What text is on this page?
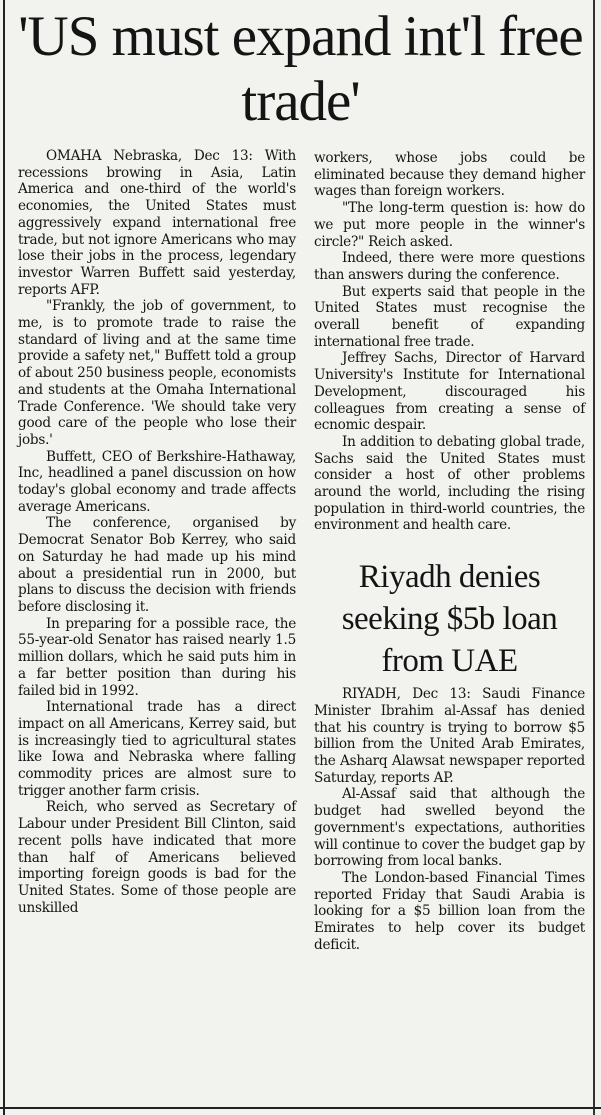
'US must expand int'l free trade'

OMAHA Nebraska, Dec 13: With recessions browing in Asia, Latin America and one-third of the world's economies, the United States must aggressively expand international free trade, but not ignore Americans who may lose their jobs in the process, legendary investor Warren Buffett said yesterday, reports AFP.

"Frankly, the job of government, to me, is to promote trade to raise the standard of living and at the same time provide a safety net," Buffett told a group of about 250 business people, economists and students at the Omaha International Trade Conference. 'We should take very good care of the people who lose their jobs.'

Buffett, CEO of Berkshire-Hathaway, Inc, headlined a panel discussion on how today's global economy and trade affects average Americans.

The conference, organised by Democrat Senator Bob Kerrey, who said on Saturday he had made up his mind about a presidential run in 2000, but plans to discuss the decision with friends before disclosing it.

In preparing for a possible race, the 55-year-old Senator has raised nearly 1.5 million dollars, which he said puts him in a far better position than during his failed bid in 1992.

International trade has a direct impact on all Americans, Kerrey said, but is increasingly tied to agricultural states like Iowa and Nebraska where falling commodity prices are almost sure to trigger another farm crisis.

Reich, who served as Secretary of Labour under President Bill Clinton, said recent polls have indicated that more than half of Americans believed importing foreign goods is bad for the United States. Some of those people are unskilled

workers, whose jobs could be eliminated because they demand higher wages than foreign workers.

"The long-term question is: how do we put more people in the winner's circle?" Reich asked.

Indeed, there were more questions than answers during the conference.

But experts said that people in the United States must recognise the overall benefit of expanding international free trade.

Jeffrey Sachs, Director of Harvard University's Institute for International Development, discouraged his colleagues from creating a sense of ecnomic despair.

In addition to debating global trade, Sachs said the United States must consider a host of other problems around the world, including the rising population in third-world countries, the environment and health care.

Riyadh denies seeking $5b loan from UAE

RIYADH, Dec 13: Saudi Finance Minister Ibrahim al-Assaf has denied that his country is trying to borrow $5 billion from the United Arab Emirates, the Asharq Alawsat newspaper reported Saturday, reports AP.

Al-Assaf said that although the budget had swelled beyond the government's expectations, authorities will continue to cover the budget gap by borrowing from local banks.

The London-based Financial Times reported Friday that Saudi Arabia is looking for a $5 billion loan from the Emirates to help cover its budget deficit.
